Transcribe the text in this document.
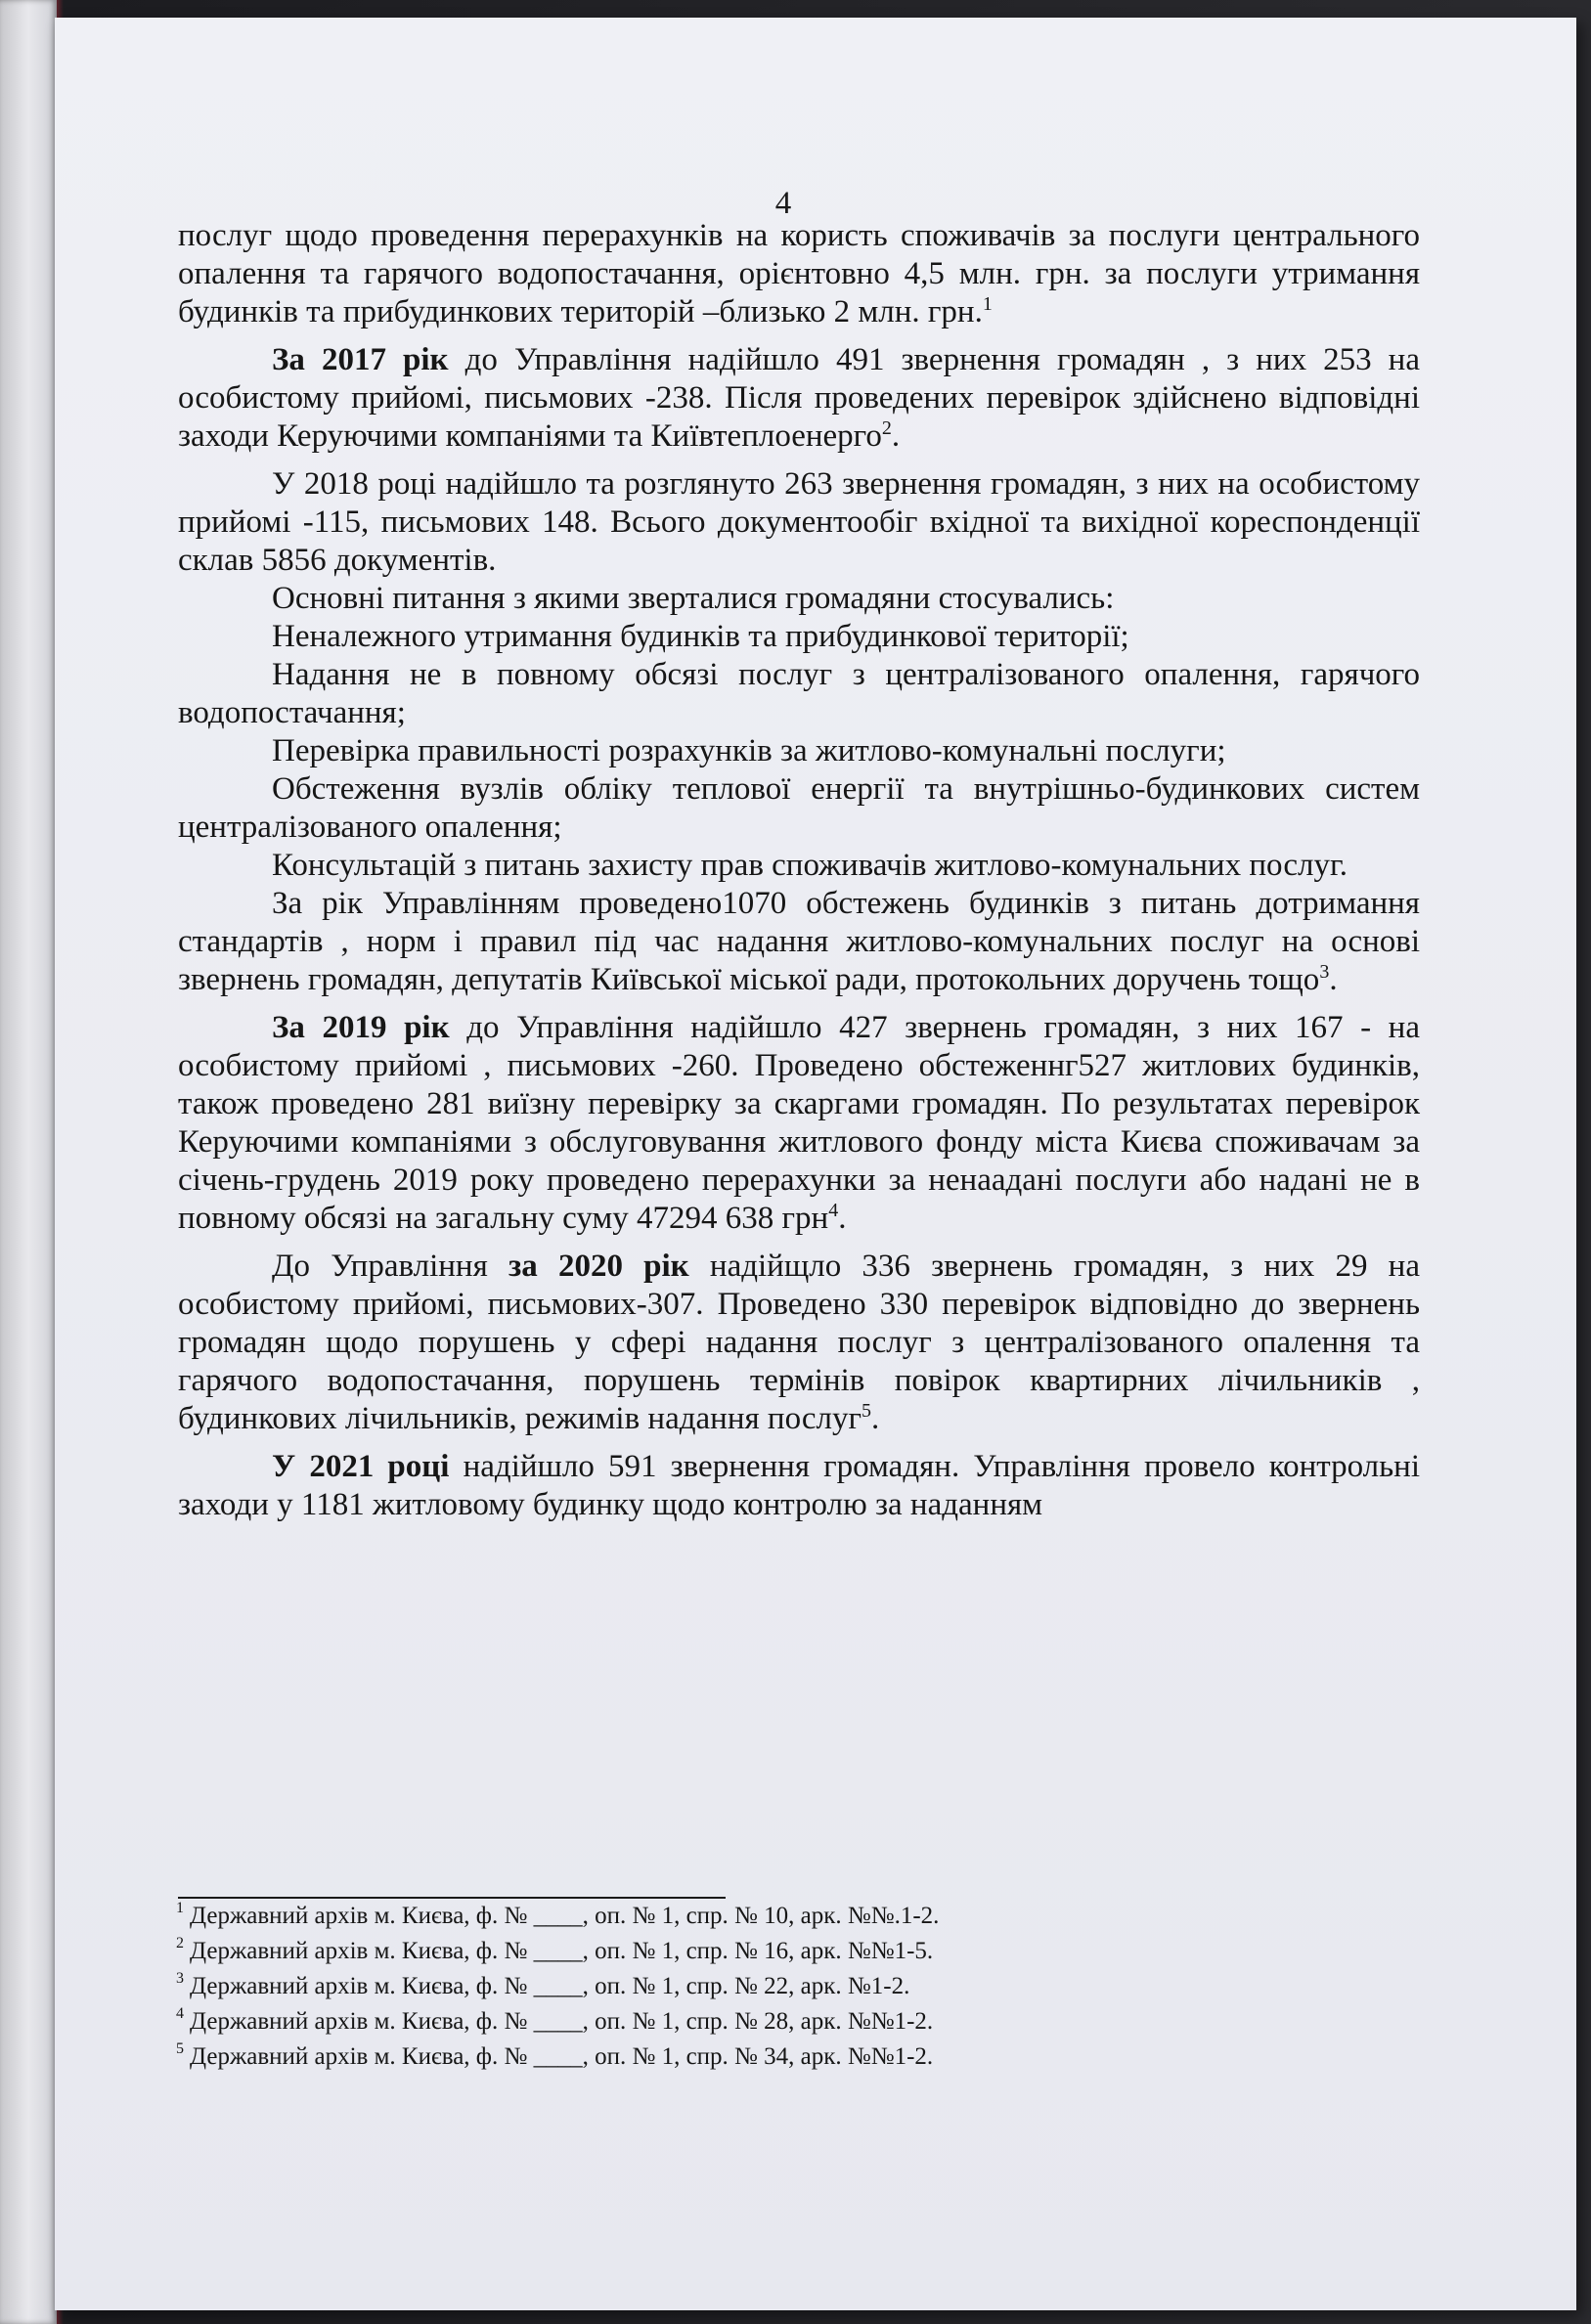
4

послуг щодо проведення перерахунків на користь споживачів за послуги центрального опалення та гарячого водопостачання, орієнтовно 4,5 млн. грн. за послуги утримання будинків та прибудинкових територій –близько 2 млн. грн.$^1$

За 2017 рік до Управління надійшло 491 звернення громадян , з них 253 на особистому прийомі, письмових -238. Після проведених перевірок здійснено відповідні заходи Керуючими компаніями та Київтеплоенерго$^2$.

У 2018 році надійшло та розглянуто 263 звернення громадян, з них на особистому прийомі -115, письмових 148. Всього документообіг вхідної та вихідної кореспонденції склав 5856 документів.

Основні питання з якими зверталися громадяни стосувались:

Неналежного утримання будинків та прибудинкової території;

Надання не в повному обсязі послуг з централізованого опалення, гарячого водопостачання;

Перевірка правильності розрахунків за житлово-комунальні послуги;

Обстеження вузлів обліку теплової енергії та внутрішньо-будинкових систем централізованого опалення;

Консультацій з питань захисту прав споживачів житлово-комунальних послуг.

За рік Управлінням проведено1070 обстежень будинків з питань дотримання стандартів , норм і правил під час надання житлово-комунальних послуг на основі звернень громадян, депутатів Київської міської ради, протокольних доручень тощо$^3$.

За 2019 рік до Управління надійшло 427 звернень громадян, з них 167 - на особистому прийомі , письмових -260. Проведено обстеженнг527 житлових будинків, також проведено 281 виїзну перевірку за скаргами громадян. По результатах перевірок Керуючими компаніями з обслуговування житлового фонду міста Києва споживачам за січень-грудень 2019 року проведено перерахунки за ненаадані послуги або надані не в повному обсязі на загальну суму 47294 638 грн$^4$.

До Управління за 2020 рік надійщло 336 звернень громадян, з них 29 на особистому прийомі, письмових-307. Проведено 330 перевірок відповідно до звернень громадян щодо порушень у сфері надання послуг з централізованого опалення та гарячого водопостачання, порушень термінів повірок квартирних лічильників , будинкових лічильників, режимів надання послуг$^5$.

У 2021 році надійшло 591 звернення громадян. Управління провело контрольні заходи у 1181 житловому будинку щодо контролю за наданням

1 Державний архів м. Києва, ф. № ____, оп. № 1, спр. № 10, арк. №№.1-2.
2 Державний архів м. Києва, ф. № ____, оп. № 1, спр. № 16, арк. №№1-5.
3 Державний архів м. Києва, ф. № ____, оп. № 1, спр. № 22, арк. №1-2.
4 Державний архів м. Києва, ф. № ____, оп. № 1, спр. № 28, арк. №№1-2.
5 Державний архів м. Києва, ф. № ____, оп. № 1, спр. № 34, арк. №№1-2.
